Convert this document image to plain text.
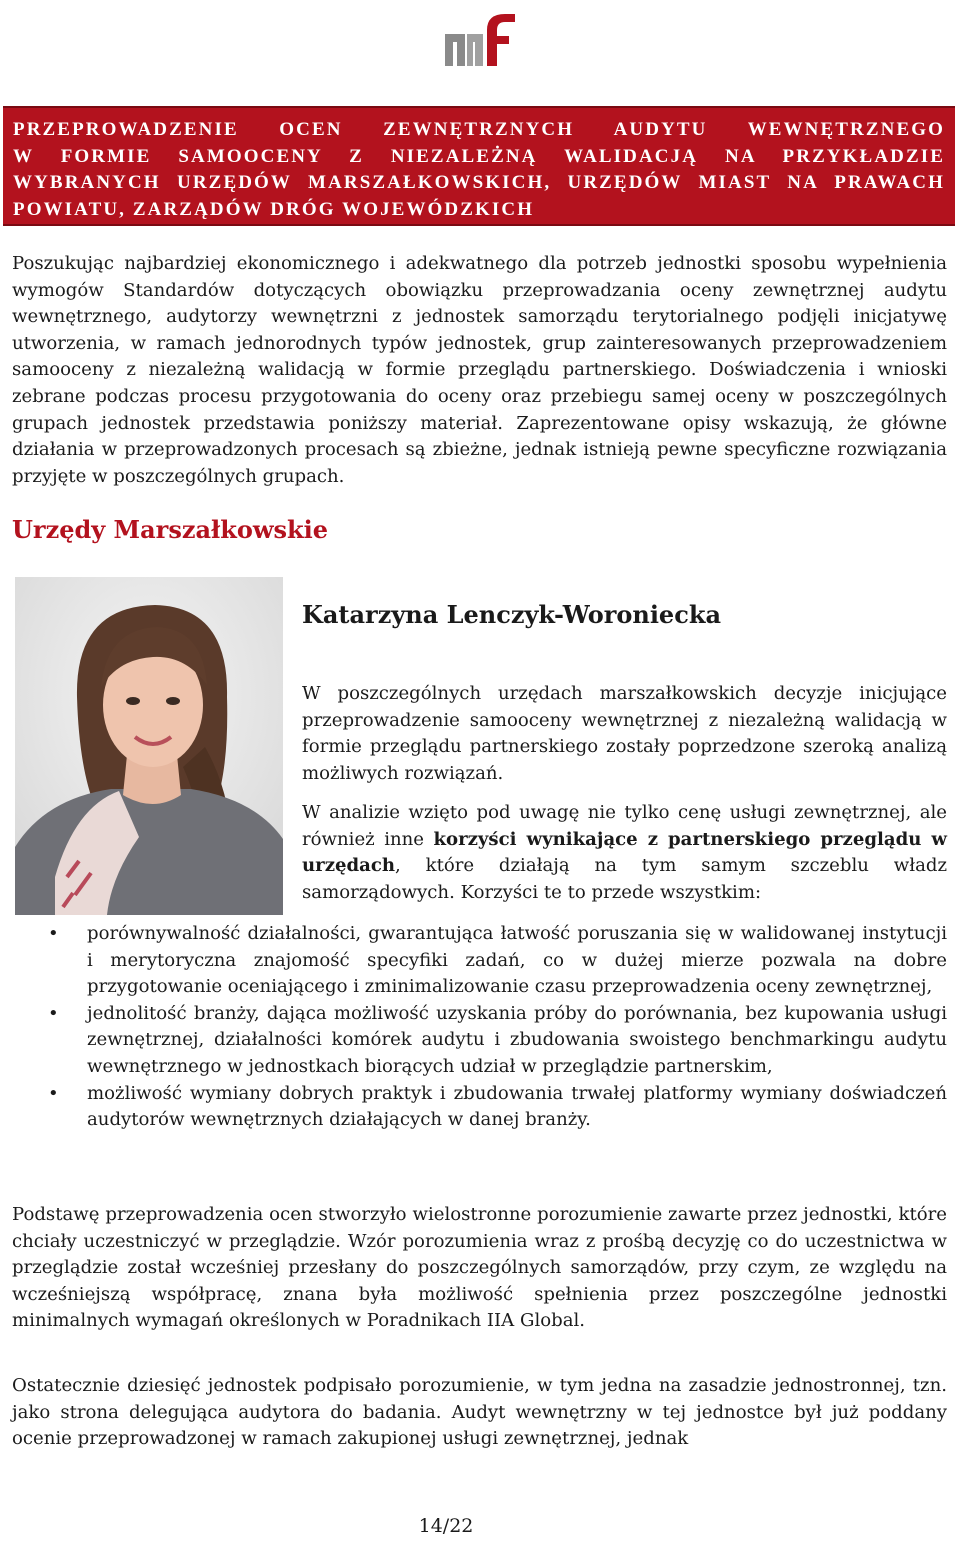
PRZEPROWADZENIE OCEN ZEWNĘTRZNYCH AUDYTU WEWNĘTRZNEGO
W FORMIE SAMOOCENY Z NIEZALEŻNĄ WALIDACJĄ NA PRZYKŁADZIE
WYBRANYCH URZĘDÓW MARSZAŁKOWSKICH, URZĘDÓW MIAST NA PRAWACH
POWIATU, ZARZĄDÓW DRÓG WOJEWÓDZKICH

Poszukując najbardziej ekonomicznego i adekwatnego dla potrzeb jednostki sposobu wypełnienia wymogów Standardów dotyczących obowiązku przeprowadzania oceny zewnętrznej audytu wewnętrznego, audytorzy wewnętrzni z jednostek samorządu terytorialnego podjęli inicjatywę utworzenia, w ramach jednorodnych typów jednostek, grup zainteresowanych przeprowadzeniem samooceny z niezależną walidacją w formie przeglądu partnerskiego. Doświadczenia i wnioski zebrane podczas procesu przygotowania do oceny oraz przebiegu samej oceny w poszczególnych grupach jednostek przedstawia poniższy materiał. Zaprezentowane opisy wskazują, że główne działania w przeprowadzonych procesach są zbieżne, jednak istnieją pewne specyficzne rozwiązania przyjęte w poszczególnych grupach.

Urzędy Marszałkowskie
Katarzyna Lenczyk-Woroniecka

W poszczególnych urzędach marszałkowskich decyzje inicjujące przeprowadzenie samooceny wewnętrznej z niezależną walidacją w formie przeglądu partnerskiego zostały poprzedzone szeroką analizą możliwych rozwiązań.

W analizie wzięto pod uwagę nie tylko cenę usługi zewnętrznej, ale również inne korzyści wynikające z partnerskiego przeglądu w urzędach, które działają na tym samym szczeblu władz samorządowych. Korzyści te to przede wszystkim:

• porównywalność działalności, gwarantująca łatwość poruszania się w walidowanej instytucji i merytoryczna znajomość specyfiki zadań, co w dużej mierze pozwala na dobre przygotowanie oceniającego i zminimalizowanie czasu przeprowadzenia oceny zewnętrznej,
• jednolitość branży, dająca możliwość uzyskania próby do porównania, bez kupowania usługi zewnętrznej, działalności komórek audytu i zbudowania swoistego benchmarkingu audytu wewnętrznego w jednostkach biorących udział w przeglądzie partnerskim,
• możliwość wymiany dobrych praktyk i zbudowania trwałej platformy wymiany doświadczeń audytorów wewnętrznych działających w danej branży.

Podstawę przeprowadzenia ocen stworzyło wielostronne porozumienie zawarte przez jednostki, które chciały uczestniczyć w przeglądzie. Wzór porozumienia wraz z prośbą decyzję co do uczestnictwa w przeglądzie został wcześniej przesłany do poszczególnych samorządów, przy czym, ze względu na wcześniejszą współpracę, znana była możliwość spełnienia przez poszczególne jednostki minimalnych wymagań określonych w Poradnikach IIA Global.

Ostatecznie dziesięć jednostek podpisało porozumienie, w tym jedna na zasadzie jednostronnej, tzn. jako strona delegująca audytora do badania. Audyt wewnętrzny w tej jednostce był już poddany ocenie przeprowadzonej w ramach zakupionej usługi zewnętrznej, jednak

14/22
